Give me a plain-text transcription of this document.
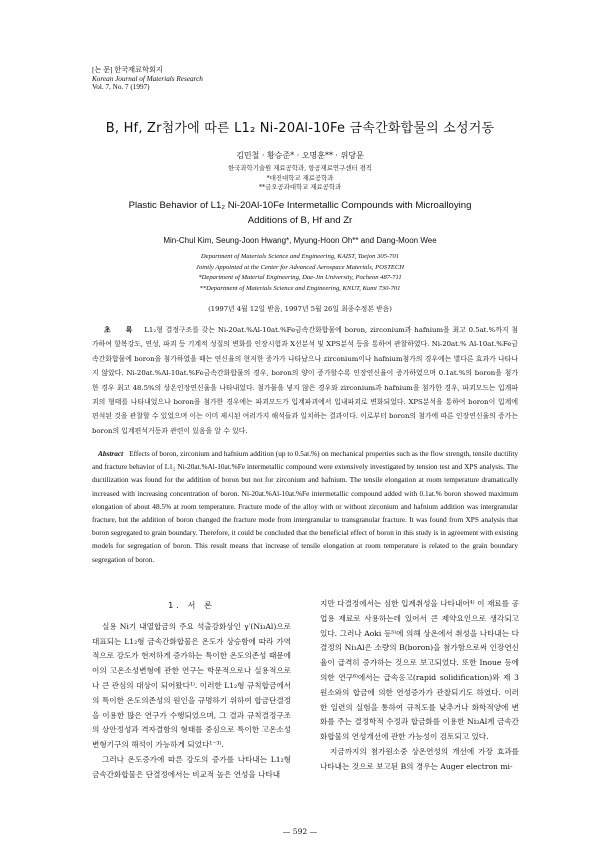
[논 문] 한국재료학회지
Korean Journal of Materials Research
Vol. 7, No. 7 (1997)
B, Hf, Zr첨가에 따른 L1₂ Ni-20Al-10Fe 금속간화합물의 소성거동
김민철 · 황승준* · 오명훈** · 위당문
한국과학기술원 재료공학과, 항공재료연구센터 겸직
*대진대학교 재료공학과
**금오공과대학교 재료공학과
Plastic Behavior of L1₂ Ni-20Al-10Fe Intermetallic Compounds with Microalloying
Additions of B, Hf and Zr
Min-Chul Kim, Seung-Joon Hwang*, Myung-Hoon Oh** and Dang-Moon Wee
Department of Materials Science and Engineering, KAIST, Taejon 305-701
Jointly Appointed at the Center for Advanced Aerospace Materials, POSTECH
*Department of Material Engineering, Dae-Jin University, Pocheon 487-711
**Department of Materials Science and Engineering, KNUT, Kumi 730-701
(1997년 4월 12일 받음, 1997년 5월 26일 최종수정본 받음)
초 록 L1₂형 결정구조를 갖는 Ni-20at.%Al-10at.%Fe금속간화합물에 boron, zirconium과 hafnium을 최고 0.5at.%까지 첨가하여 항복강도, 연성, 파괴 등 기계적 성질의 변화를 인장시험과 X선분석 및 XPS분석 등을 통하여 관찰하였다. Ni-20at.% Al-10at.%Fe금속간화합물에 boron을 첨가하였을 때는 연신율의 현저한 증가가 나타났으나 zirconium이나 hafnium첨가의 경우에는 별다른 효과가 나타나지 않았다. Ni-20at.%Al-10at.%Fe금속간화합물의 경우, boron의 양이 증가할수록 인장연신율이 증가하였으며 0.1at.%의 boron을 첨가한 경우 최고 48.5%의 상온인장연신율을 나타내었다. 첨가물을 넣지 않은 경우와 zirconium과 hafnium을 첨가한 경우, 파괴모드는 입계파괴의 형태를 나타내었으나 boron을 첨가한 경우에는 파괴모드가 입계파괴에서 입내파괴로 변화되었다. XPS분석을 통하여 boron이 입계에 편석된 것을 관찰할 수 있었으며 이는 이미 제시된 여러가지 해석들과 일치하는 결과이다. 이로부터 boron의 첨가에 따른 인장연신율의 증가는 boron의 입계편석거동과 관련이 있음을 알 수 있다.
Abstract Effects of boron, zirconium and hafnium addition (up to 0.5at.%) on mechanical properties such as the flow strength, tensile ductility and fracture behavior of L1₂ Ni-20at.%Al-10at.%Fe intermetallic compound were extensively investigated by tension test and XPS analysis. The ductilization was found for the addition of boron but not for zirconium and hafnium. The tensile elongation at room temperature dramatically increased with increasing concentration of boron. Ni-20at.%Al-10at.%Fe intermetallic compound added with 0.1at.% boron showed maximum elongation of about 48.5% at room temperature. Fracture mode of the alloy with or without zirconium and hafnium addition was intergranular fracture, but the addition of boron changed the fracture mode from intergranular to transgranular fracture. It was found from XPS analysis that boron segregated to grain boundary. Therefore, it could be concluded that the beneficial effect of boron in this study is in agreement with existing models for segregation of boron. This result means that increase of tensile elongation at room temperature is related to the grain boundary segregation of boron.
1. 서 론

실용 Ni기 내열합금의 주요 석출강화상인 γ′(Ni₃Al)으로 대표되는 L1₂형 금속간화합물은 온도가 상승함에 따라 가역적으로 강도가 현저하게 증가하는 특이한 온도의존성 때문에 이의 고온소성변형에 관한 연구는 학문적으로나 실용적으로나 큰 관심의 대상이 되어왔다¹⁾. 이러한 L1₂형 규칙합금에서의 특이한 온도의존성의 원인을 규명하기 위하여 합금단결정을 이용한 많은 연구가 수행되었으며, 그 결과 규칙결정구조의 상안정성과 격자결함의 형태를 중심으로 특이한 고온소성변형기구의 해석이 가능하게 되었다¹⁻³⁾.

그러나 온도증가에 따른 강도의 증가를 나타내는 L1₂형 금속간화합물은 단결정에서는 비교적 높은 연성을 나타내

지만 다결정에서는 심한 입계취성을 나타내어⁴⁾ 이 재료를 공업용 재료로 사용하는데 있어서 큰 제약요인으로 생각되고 있다. 그러나 Aoki 등⁵⁾에 의해 상온에서 취성을 나타내는 다결정의 Ni₃Al은 소량의 B(boron)을 첨가함으로써 인장연신율이 급격히 증가하는 것으로 보고되었다. 또한 Inoue 등에 의한 연구⁶⁾에서는 급속응고(rapid solidification)와 제 3 원소와의 합금에 의한 연성증가가 관찰되기도 하였다. 이러한 일련의 실험을 통하여 규칙도를 낮추거나 화학적양에 변화를 주는 결정학적 수정과 합금화를 이용한 Ni₃Al계 금속간화합물의 연성개선에 관한 가능성이 검토되고 있다.

지금까지의 첨가원소중 상온연성의 개선에 가장 효과를 나타내는 것으로 보고된 B의 경우는 Auger electron mi-

— 592 —
